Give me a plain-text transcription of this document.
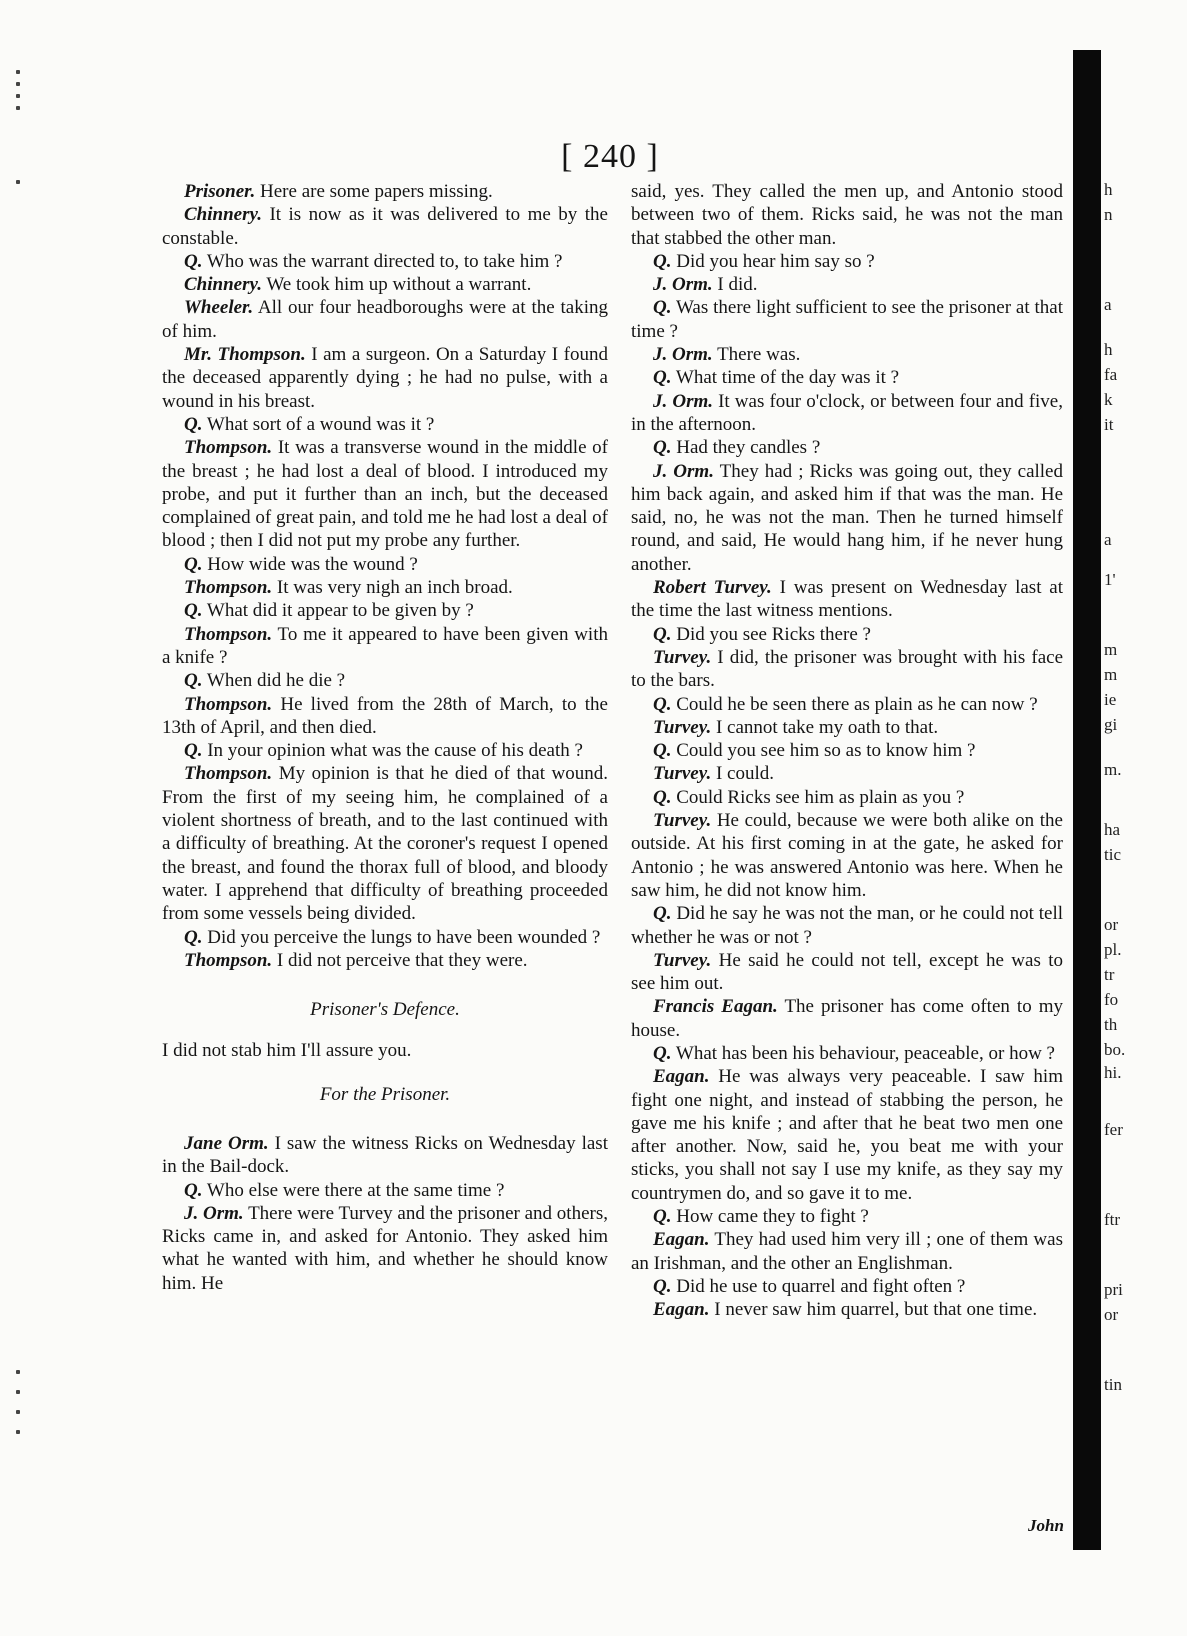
[ 240 ]

Prisoner. Here are some papers missing.

Chinnery. It is now as it was delivered to me by the constable.

Q. Who was the warrant directed to, to take him ?

Chinnery. We took him up without a warrant.

Wheeler. All our four headboroughs were at the taking of him.

Mr. Thompson. I am a surgeon. On a Saturday I found the deceased apparently dying ; he had no pulse, with a wound in his breast.

Q. What sort of a wound was it ?

Thompson. It was a transverse wound in the middle of the breast ; he had lost a deal of blood. I introduced my probe, and put it further than an inch, but the deceased complained of great pain, and told me he had lost a deal of blood ; then I did not put my probe any further.

Q. How wide was the wound ?

Thompson. It was very nigh an inch broad.

Q. What did it appear to be given by ?

Thompson. To me it appeared to have been given with a knife ?

Q. When did he die ?

Thompson. He lived from the 28th of March, to the 13th of April, and then died.

Q. In your opinion what was the cause of his death ?

Thompson. My opinion is that he died of that wound. From the first of my seeing him, he complained of a violent shortness of breath, and to the last continued with a difficulty of breathing. At the coroner's request I opened the breast, and found the thorax full of blood, and bloody water. I apprehend that difficulty of breathing proceeded from some vessels being divided.

Q. Did you perceive the lungs to have been wounded ?

Thompson. I did not perceive that they were.

Prisoner's Defence.

I did not stab him I'll assure you.

For the Prisoner.

Jane Orm. I saw the witness Ricks on Wednesday last in the Bail-dock.

Q. Who else were there at the same time ?

J. Orm. There were Turvey and the prisoner and others, Ricks came in, and asked for Antonio. They asked him what he wanted with him, and whether he should know him. He

said, yes. They called the men up, and Antonio stood between two of them. Ricks said, he was not the man that stabbed the other man.

Q. Did you hear him say so ?

J. Orm. I did.

Q. Was there light sufficient to see the prisoner at that time ?

J. Orm. There was.

Q. What time of the day was it ?

J. Orm. It was four o'clock, or between four and five, in the afternoon.

Q. Had they candles ?

J. Orm. They had ; Ricks was going out, they called him back again, and asked him if that was the man. He said, no, he was not the man. Then he turned himself round, and said, He would hang him, if he never hung another.

Robert Turvey. I was present on Wednesday last at the time the last witness mentions.

Q. Did you see Ricks there ?

Turvey. I did, the prisoner was brought with his face to the bars.

Q. Could he be seen there as plain as he can now ?

Turvey. I cannot take my oath to that.

Q. Could you see him so as to know him ?

Turvey. I could.

Q. Could Ricks see him as plain as you ?

Turvey. He could, because we were both alike on the outside. At his first coming in at the gate, he asked for Antonio ; he was answered Antonio was here. When he saw him, he did not know him.

Q. Did he say he was not the man, or he could not tell whether he was or not ?

Turvey. He said he could not tell, except he was to see him out.

Francis Eagan. The prisoner has come often to my house.

Q. What has been his behaviour, peaceable, or how ?

Eagan. He was always very peaceable. I saw him fight one night, and instead of stabbing the person, he gave me his knife ; and after that he beat two men one after another. Now, said he, you beat me with your sticks, you shall not say I use my knife, as they say my countrymen do, and so gave it to me.

Q. How came they to fight ?

Eagan. They had used him very ill ; one of them was an Irishman, and the other an Englishman.

Q. Did he use to quarrel and fight often ?

Eagan. I never saw him quarrel, but that one time.

h
n
a
h
fa
k
it
a
1'
m
m
ie
gi
m.
ha
tic
or
pl.
tr
fo
th
bo.
hi.
fer
ftr
pri
or
tin
John
